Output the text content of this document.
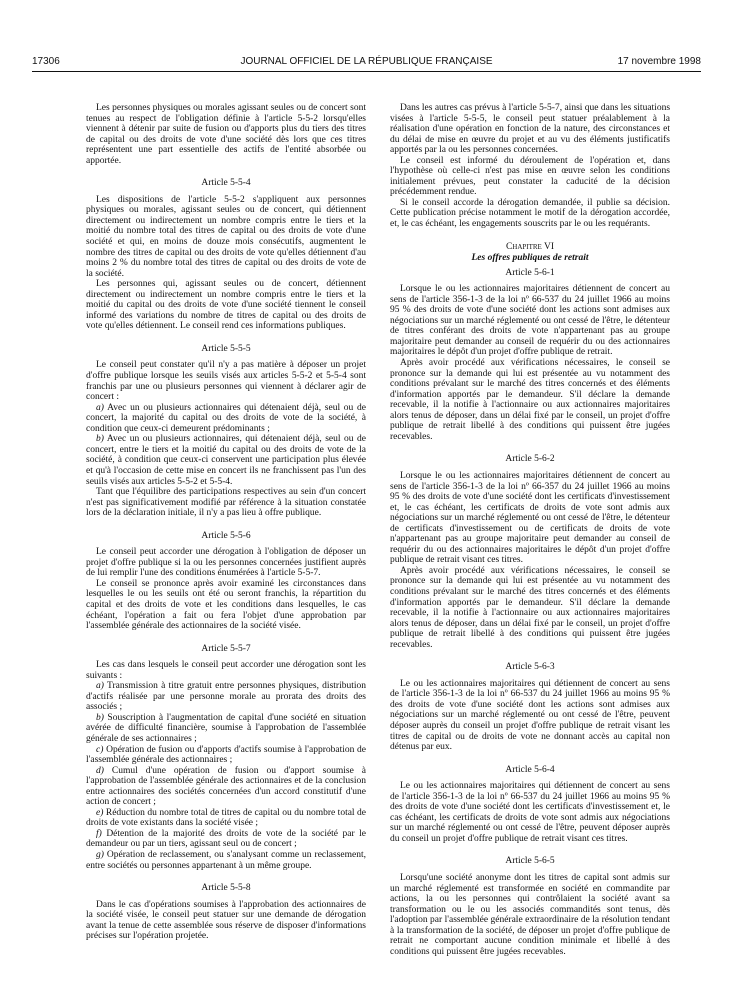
17306	JOURNAL OFFICIEL DE LA RÉPUBLIQUE FRANÇAISE	17 novembre 1998

Les personnes physiques ou morales agissant seules ou de concert sont tenues au respect de l'obligation définie à l'article 5-5-2 lorsqu'elles viennent à détenir par suite de fusion ou d'apports plus du tiers des titres de capital ou des droits de vote d'une société dès lors que ces titres représentent une part essentielle des actifs de l'entité absorbée ou apportée.

Article 5-5-4

Les dispositions de l'article 5-5-2 s'appliquent aux personnes physiques ou morales, agissant seules ou de concert, qui détiennent directement ou indirectement un nombre compris entre le tiers et la moitié du nombre total des titres de capital ou des droits de vote d'une société et qui, en moins de douze mois consécutifs, augmentent le nombre des titres de capital ou des droits de vote qu'elles détiennent d'au moins 2 % du nombre total des titres de capital ou des droits de vote de la société.

Les personnes qui, agissant seules ou de concert, détiennent directement ou indirectement un nombre compris entre le tiers et la moitié du capital ou des droits de vote d'une société tiennent le conseil informé des variations du nombre de titres de capital ou des droits de vote qu'elles détiennent. Le conseil rend ces informations publiques.

Article 5-5-5

Le conseil peut constater qu'il n'y a pas matière à déposer un projet d'offre publique lorsque les seuils visés aux articles 5-5-2 et 5-5-4 sont franchis par une ou plusieurs personnes qui viennent à déclarer agir de concert :

a) Avec un ou plusieurs actionnaires qui détenaient déjà, seul ou de concert, la majorité du capital ou des droits de vote de la société, à condition que ceux-ci demeurent prédominants ;

b) Avec un ou plusieurs actionnaires, qui détenaient déjà, seul ou de concert, entre le tiers et la moitié du capital ou des droits de vote de la société, à condition que ceux-ci conservent une participation plus élevée et qu'à l'occasion de cette mise en concert ils ne franchissent pas l'un des seuils visés aux articles 5-5-2 et 5-5-4.

Tant que l'équilibre des participations respectives au sein d'un concert n'est pas significativement modifié par référence à la situation constatée lors de la déclaration initiale, il n'y a pas lieu à offre publique.

Article 5-5-6

Le conseil peut accorder une dérogation à l'obligation de déposer un projet d'offre publique si la ou les personnes concernées justifient auprès de lui remplir l'une des conditions énumérées à l'article 5-5-7.

Le conseil se prononce après avoir examiné les circonstances dans lesquelles le ou les seuils ont été ou seront franchis, la répartition du capital et des droits de vote et les conditions dans lesquelles, le cas échéant, l'opération a fait ou fera l'objet d'une approbation par l'assemblée générale des actionnaires de la société visée.

Article 5-5-7

Les cas dans lesquels le conseil peut accorder une dérogation sont les suivants :

a) Transmission à titre gratuit entre personnes physiques, distribution d'actifs réalisée par une personne morale au prorata des droits des associés ;

b) Souscription à l'augmentation de capital d'une société en situation avérée de difficulté financière, soumise à l'approbation de l'assemblée générale de ses actionnaires ;

c) Opération de fusion ou d'apports d'actifs soumise à l'approbation de l'assemblée générale des actionnaires ;

d) Cumul d'une opération de fusion ou d'apport soumise à l'approbation de l'assemblée générale des actionnaires et de la conclusion entre actionnaires des sociétés concernées d'un accord constitutif d'une action de concert ;

e) Réduction du nombre total de titres de capital ou du nombre total de droits de vote existants dans la société visée ;

f) Détention de la majorité des droits de vote de la société par le demandeur ou par un tiers, agissant seul ou de concert ;

g) Opération de reclassement, ou s'analysant comme un reclassement, entre sociétés ou personnes appartenant à un même groupe.

Article 5-5-8

Dans le cas d'opérations soumises à l'approbation des actionnaires de la société visée, le conseil peut statuer sur une demande de dérogation avant la tenue de cette assemblée sous réserve de disposer d'informations précises sur l'opération projetée.

Dans les autres cas prévus à l'article 5-5-7, ainsi que dans les situations visées à l'article 5-5-5, le conseil peut statuer préalablement à la réalisation d'une opération en fonction de la nature, des circonstances et du délai de mise en œuvre du projet et au vu des éléments justificatifs apportés par la ou les personnes concernées.

Le conseil est informé du déroulement de l'opération et, dans l'hypothèse où celle-ci n'est pas mise en œuvre selon les conditions initialement prévues, peut constater la caducité de la décision précédemment rendue.

Si le conseil accorde la dérogation demandée, il publie sa décision. Cette publication précise notamment le motif de la dérogation accordée, et, le cas échéant, les engagements souscrits par le ou les requérants.

Chapitre VI

Les offres publiques de retrait

Article 5-6-1

Lorsque le ou les actionnaires majoritaires détiennent de concert au sens de l'article 356-1-3 de la loi nº 66-537 du 24 juillet 1966 au moins 95 % des droits de vote d'une société dont les actions sont admises aux négociations sur un marché réglementé ou ont cessé de l'être, le détenteur de titres conférant des droits de vote n'appartenant pas au groupe majoritaire peut demander au conseil de requérir du ou des actionnaires majoritaires le dépôt d'un projet d'offre publique de retrait.

Après avoir procédé aux vérifications nécessaires, le conseil se prononce sur la demande qui lui est présentée au vu notamment des conditions prévalant sur le marché des titres concernés et des éléments d'information apportés par le demandeur. S'il déclare la demande recevable, il la notifie à l'actionnaire ou aux actionnaires majoritaires alors tenus de déposer, dans un délai fixé par le conseil, un projet d'offre publique de retrait libellé à des conditions qui puissent être jugées recevables.

Article 5-6-2

Lorsque le ou les actionnaires majoritaires détiennent de concert au sens de l'article 356-1-3 de la loi nº 66-357 du 24 juillet 1966 au moins 95 % des droits de vote d'une société dont les certificats d'investissement et, le cas échéant, les certificats de droits de vote sont admis aux négociations sur un marché réglementé ou ont cessé de l'être, le détenteur de certificats d'investissement ou de certificats de droits de vote n'appartenant pas au groupe majoritaire peut demander au conseil de requérir du ou des actionnaires majoritaires le dépôt d'un projet d'offre publique de retrait visant ces titres.

Après avoir procédé aux vérifications nécessaires, le conseil se prononce sur la demande qui lui est présentée au vu notamment des conditions prévalant sur le marché des titres concernés et des éléments d'information apportés par le demandeur. S'il déclare la demande recevable, il la notifie à l'actionnaire ou aux actionnaires majoritaires alors tenus de déposer, dans un délai fixé par le conseil, un projet d'offre publique de retrait libellé à des conditions qui puissent être jugées recevables.

Article 5-6-3

Le ou les actionnaires majoritaires qui détiennent de concert au sens de l'article 356-1-3 de la loi nº 66-537 du 24 juillet 1966 au moins 95 % des droits de vote d'une société dont les actions sont admises aux négociations sur un marché réglementé ou ont cessé de l'être, peuvent déposer auprès du conseil un projet d'offre publique de retrait visant les titres de capital ou de droits de vote ne donnant accès au capital non détenus par eux.

Article 5-6-4

Le ou les actionnaires majoritaires qui détiennent de concert au sens de l'article 356-1-3 de la loi nº 66-537 du 24 juillet 1966 au moins 95 % des droits de vote d'une société dont les certificats d'investissement et, le cas échéant, les certificats de droits de vote sont admis aux négociations sur un marché réglementé ou ont cessé de l'être, peuvent déposer auprès du conseil un projet d'offre publique de retrait visant ces titres.

Article 5-6-5

Lorsqu'une société anonyme dont les titres de capital sont admis sur un marché réglementé est transformée en société en commandite par actions, la ou les personnes qui contrôlaient la société avant sa transformation ou le ou les associés commandités sont tenus, dès l'adoption par l'assemblée générale extraordinaire de la résolution tendant à la transformation de la société, de déposer un projet d'offre publique de retrait ne comportant aucune condition minimale et libellé à des conditions qui puissent être jugées recevables.
